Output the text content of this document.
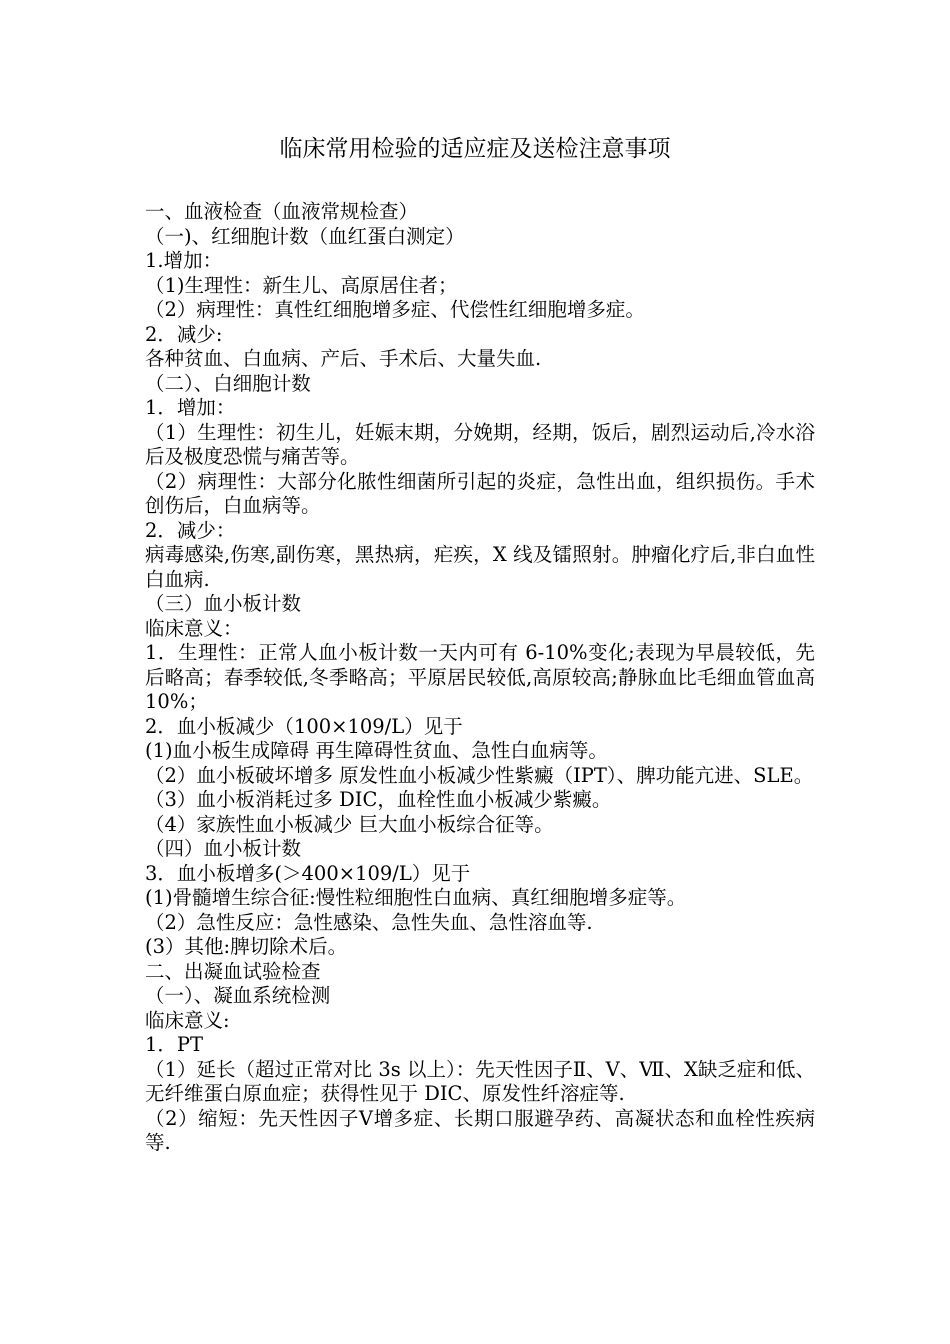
临床常用检验的适应症及送检注意事项

一、血液检查（血液常规检查）

（一)、红细胞计数（血红蛋白测定）

1.增加：

（1)生理性：新生儿、高原居住者；

（2）病理性：真性红细胞增多症、代偿性红细胞增多症。

2．减少:

各种贫血、白血病、产后、手术后、大量失血.

（二）、白细胞计数

1．增加：

（1）生理性：初生儿，妊娠末期，分娩期，经期，饭后，剧烈运动后,冷水浴后及极度恐慌与痛苦等。

（2）病理性：大部分化脓性细菌所引起的炎症，急性出血，组织损伤。手术创伤后，白血病等。

2．减少：

病毒感染,伤寒,副伤寒，黑热病，疟疾，X 线及镭照射。肿瘤化疗后,非白血性白血病.

（三）血小板计数

临床意义：

1．生理性：正常人血小板计数一天内可有 6-10%变化;表现为早晨较低，先后略高；春季较低,冬季略高；平原居民较低,高原较高;静脉血比毛细血管血高 10%；

2．血小板减少（100×109/L）见于

(1)血小板生成障碍 再生障碍性贫血、急性白血病等。

（2）血小板破坏增多 原发性血小板减少性紫癜（IPT）、脾功能亢进、SLE。

（3）血小板消耗过多 DIC，血栓性血小板减少紫癜。

（4）家族性血小板减少 巨大血小板综合征等。

（四）血小板计数

3．血小板增多(＞400×109/L）见于

(1)骨髓增生综合征:慢性粒细胞性白血病、真红细胞增多症等。

（2）急性反应：急性感染、急性失血、急性溶血等.

(3）其他:脾切除术后。

二、出凝血试验检查

（一）、凝血系统检测

临床意义:

1．PT

（1）延长（超过正常对比 3s 以上）：先天性因子Ⅱ、Ⅴ、Ⅶ、Ⅹ缺乏症和低、无纤维蛋白原血症；获得性见于 DIC、原发性纤溶症等.

（2）缩短：先天性因子Ⅴ增多症、长期口服避孕药、高凝状态和血栓性疾病等.
